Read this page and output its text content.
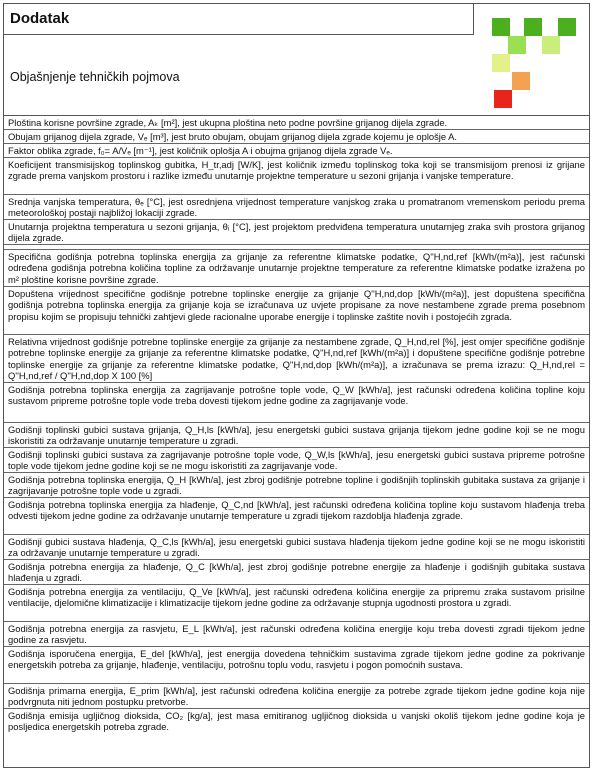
Dodatak
Objašnjenje tehničkih pojmova
Ploština korisne površine zgrade, Aₖ [m²], jest ukupna ploština neto podne površine grijanog dijela zgrade.
Obujam grijanog dijela zgrade, Vₑ [m³], jest bruto obujam, obujam grijanog dijela zgrade kojemu je oplošje A.
Faktor oblika zgrade, f₀= A/Vₑ [m⁻¹], jest količnik oplošja A i obujma grijanog dijela zgrade Vₑ.
Koeficijent transmisijskog toplinskog gubitka, H_tr,adj [W/K], jest količnik između toplinskog toka koji se transmisijom prenosi iz grijane zgrade prema vanjskom prostoru i razlike između unutarnje projektne temperature u sezoni grijanja i vanjske temperature.
Srednja vanjska temperatura, θₑ [°C], jest osrednjena vrijednost temperature vanjskog zraka u promatranom vremenskom periodu prema meteorološkoj postaji najbližoj lokaciji zgrade.
Unutarnja projektna temperatura u sezoni grijanja, θᵢ [°C], jest projektom predviđena temperatura unutarnjeg zraka svih prostora grijanog dijela zgrade.
Specifična godišnja potrebna toplinska energija za grijanje za referentne klimatske podatke, Q''H,nd,ref [kWh/(m²a)], jest računski određena godišnja potrebna količina topline za održavanje unutarnje projektne temperature za referentne klimatske podatke izražena po m² ploštine korisne površine zgrade.
Dopuštena vrijednost specifične godišnje potrebne toplinske energije za grijanje Q''H,nd,dop [kWh/(m²a)], jest dopuštena specifična godišnja potrebna toplinska energija za grijanje koja se izračunava uz uvjete propisane za nove nestambene zgrade prema posebnom propisu kojim se propisuju tehnički zahtjevi glede racionalne uporabe energije i toplinske zaštite novih i postojećih zgrada.
Relativna vrijednost godišnje potrebne toplinske energije za grijanje za nestambene zgrade, Q_H,nd,rel [%], jest omjer specifične godišnje potrebne toplinske energije za grijanje za referentne klimatske podatke, Q''H,nd,ref [kWh/(m²a)] i dopuštene specifične godišnje potrebne toplinske energije za grijanje za referentne klimatske podatke, Q''H,nd,dop [kWh/(m²a)], a izračunava se prema izrazu: Q_H,nd,rel = Q''H,nd,ref / Q''H,nd,dop X 100 [%]
Godišnja potrebna toplinska energija za zagrijavanje potrošne tople vode, Q_W [kWh/a], jest računski određena količina topline koju sustavom pripreme potrošne tople vode treba dovesti tijekom jedne godine za zagrijavanje vode.
Godišnji toplinski gubici sustava grijanja, Q_H,ls [kWh/a], jesu energetski gubici sustava grijanja tijekom jedne godine koji se ne mogu iskoristiti za održavanje unutarnje temperature u zgradi.
Godišnji toplinski gubici sustava za zagrijavanje potrošne tople vode, Q_W,ls [kWh/a], jesu energetski gubici sustava pripreme potrošne tople vode tijekom jedne godine koji se ne mogu iskoristiti za zagrijavanje vode.
Godišnja potrebna toplinska energija, Q_H [kWh/a], jest zbroj godišnje potrebne topline i godišnjih toplinskih gubitaka sustava za grijanje i zagrijavanje potrošne tople vode u zgradi.
Godišnja potrebna toplinska energija za hlađenje, Q_C,nd [kWh/a], jest računski određena količina topline koju sustavom hlađenja treba odvesti tijekom jedne godine za održavanje unutarnje temperature u zgradi tijekom razdoblja hlađenja zgrade.
Godišnji gubici sustava hlađenja, Q_C,ls [kWh/a], jesu energetski gubici sustava hlađenja tijekom jedne godine koji se ne mogu iskoristiti za održavanje unutarnje temperature u zgradi.
Godišnja potrebna energija za hlađenje, Q_C [kWh/a], jest zbroj godišnje potrebne energije za hlađenje i godišnjih gubitaka sustava hlađenja u zgradi.
Godišnja potrebna energija za ventilaciju, Q_Ve [kWh/a], jest računski određena količina energije za pripremu zraka sustavom prisilne ventilacije, djelomične klimatizacije i klimatizacije tijekom jedne godine za održavanje stupnja ugodnosti prostora u zgradi.
Godišnja potrebna energija za rasvjetu, E_L [kWh/a], jest računski određena količina energije koju treba dovesti zgradi tijekom jedne godine za rasvjetu.
Godišnja isporučena energija, E_del [kWh/a], jest energija dovedena tehničkim sustavima zgrade tijekom jedne godine za pokrivanje energetskih potreba za grijanje, hlađenje, ventilaciju, potrošnu toplu vodu, rasvjetu i pogon pomoćnih sustava.
Godišnja primarna energija, E_prim [kWh/a], jest računski određena količina energije za potrebe zgrade tijekom jedne godine koja nije podvrgnuta niti jednom postupku pretvorbe.
Godišnja emisija ugljičnog dioksida, CO₂ [kg/a], jest masa emitiranog ugljičnog dioksida u vanjski okoliš tijekom jedne godine koja je posljedica energetskih potreba zgrade.
